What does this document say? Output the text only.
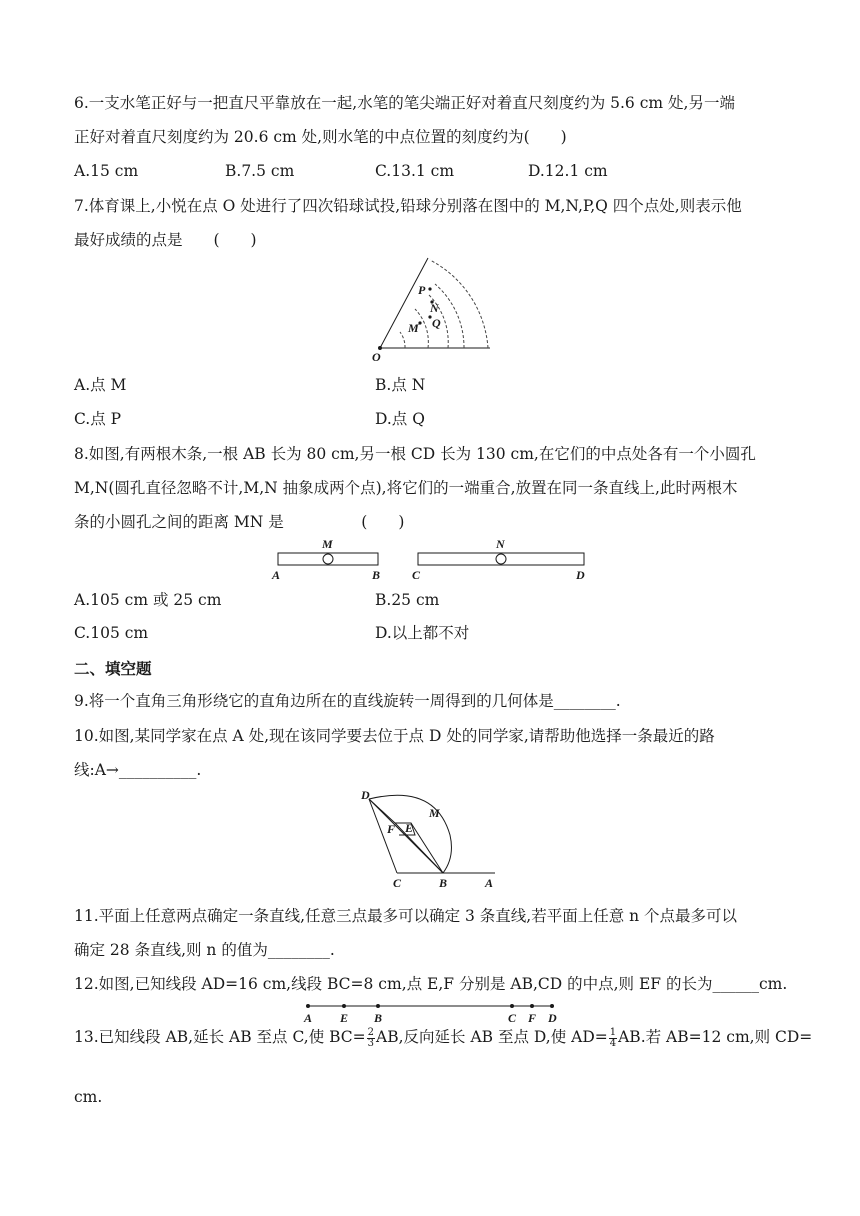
6.一支水笔正好与一把直尺平靠放在一起,水笔的笔尖端正好对着直尺刻度约为 5.6 cm 处,另一端
正好对着直尺刻度约为 20.6 cm 处,则水笔的中点位置的刻度约为(　　)
A.15 cm	B.7.5 cm	C.13.1 cm	D.12.1 cm
7.体育课上,小悦在点 O 处进行了四次铅球试投,铅球分别落在图中的 M,N,P,Q 四个点处,则表示他
最好成绩的点是　　(　　)
O
P
N
M Q
A.点 M	B.点 N
C.点 P	D.点 Q
8.如图,有两根木条,一根 AB 长为 80 cm,另一根 CD 长为 130 cm,在它们的中点处各有一个小圆孔
M,N(圆孔直径忽略不计,M,N 抽象成两个点),将它们的一端重合,放置在同一条直线上,此时两根木
条的小圆孔之间的距离 MN 是　　　　　(　　)
M
A	B
N
C	D
A.105 cm 或 25 cm	B.25 cm
C.105 cm	D.以上都不对
二、填空题
9.将一个直角三角形绕它的直角边所在的直线旋转一周得到的几何体是________.
10.如图,某同学家在点 A 处,现在该同学要去位于点 D 处的同学家,请帮助他选择一条最近的路
线:A→__________.
D
M
F E
C	B	A
11.平面上任意两点确定一条直线,任意三点最多可以确定 3 条直线,若平面上任意 n 个点最多可以
确定 28 条直线,则 n 的值为________.
12.如图,已知线段 AD=16 cm,线段 BC=8 cm,点 E,F 分别是 AB,CD 的中点,则 EF 的长为______cm.
A E B	C F D
13.已知线段 AB,延长 AB 至点 C,使 $BC= \frac{2}{3}$ AB,反向延长 AB 至点 D,使 $AD= \frac{1}{4}$ AB.若 AB=12 cm,则 CD=
cm.
